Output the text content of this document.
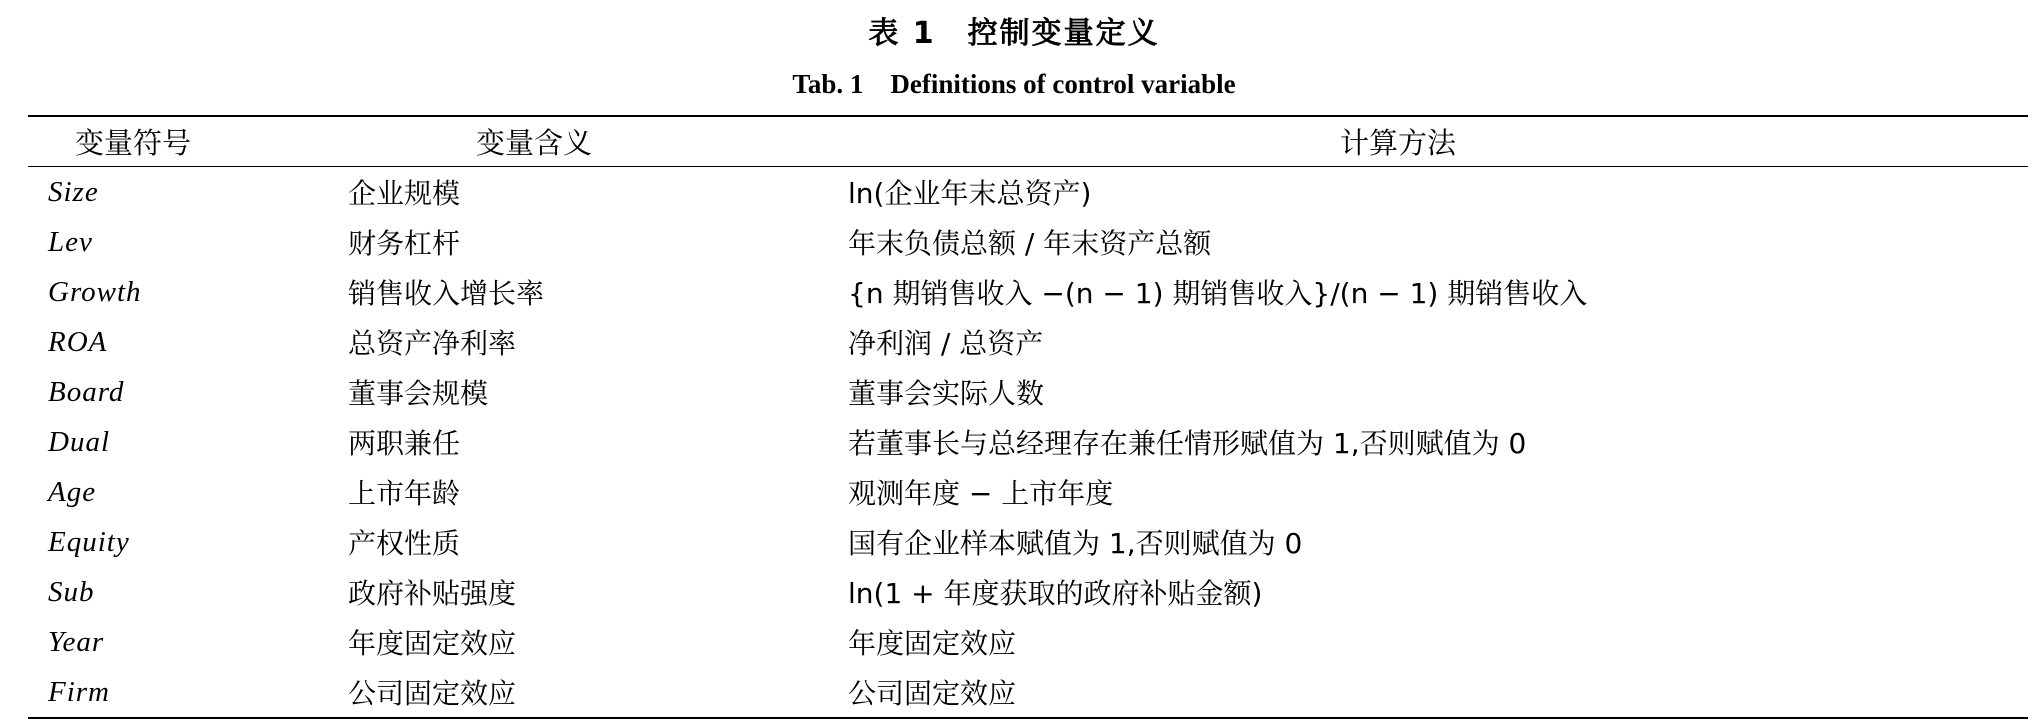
表 1　控制变量定义
Tab. 1　Definitions of control variable
变量符号	变量含义	计算方法
Size	企业规模	ln(企业年末总资产)
Lev	财务杠杆	年末负债总额 / 年末资产总额
Growth	销售收入增长率	{n 期销售收入 −(n − 1) 期销售收入}/(n − 1) 期销售收入
ROA	总资产净利率	净利润 / 总资产
Board	董事会规模	董事会实际人数
Dual	两职兼任	若董事长与总经理存在兼任情形赋值为 1,否则赋值为 0
Age	上市年龄	观测年度 − 上市年度
Equity	产权性质	国有企业样本赋值为 1,否则赋值为 0
Sub	政府补贴强度	ln(1 + 年度获取的政府补贴金额)
Year	年度固定效应	年度固定效应
Firm	公司固定效应	公司固定效应
